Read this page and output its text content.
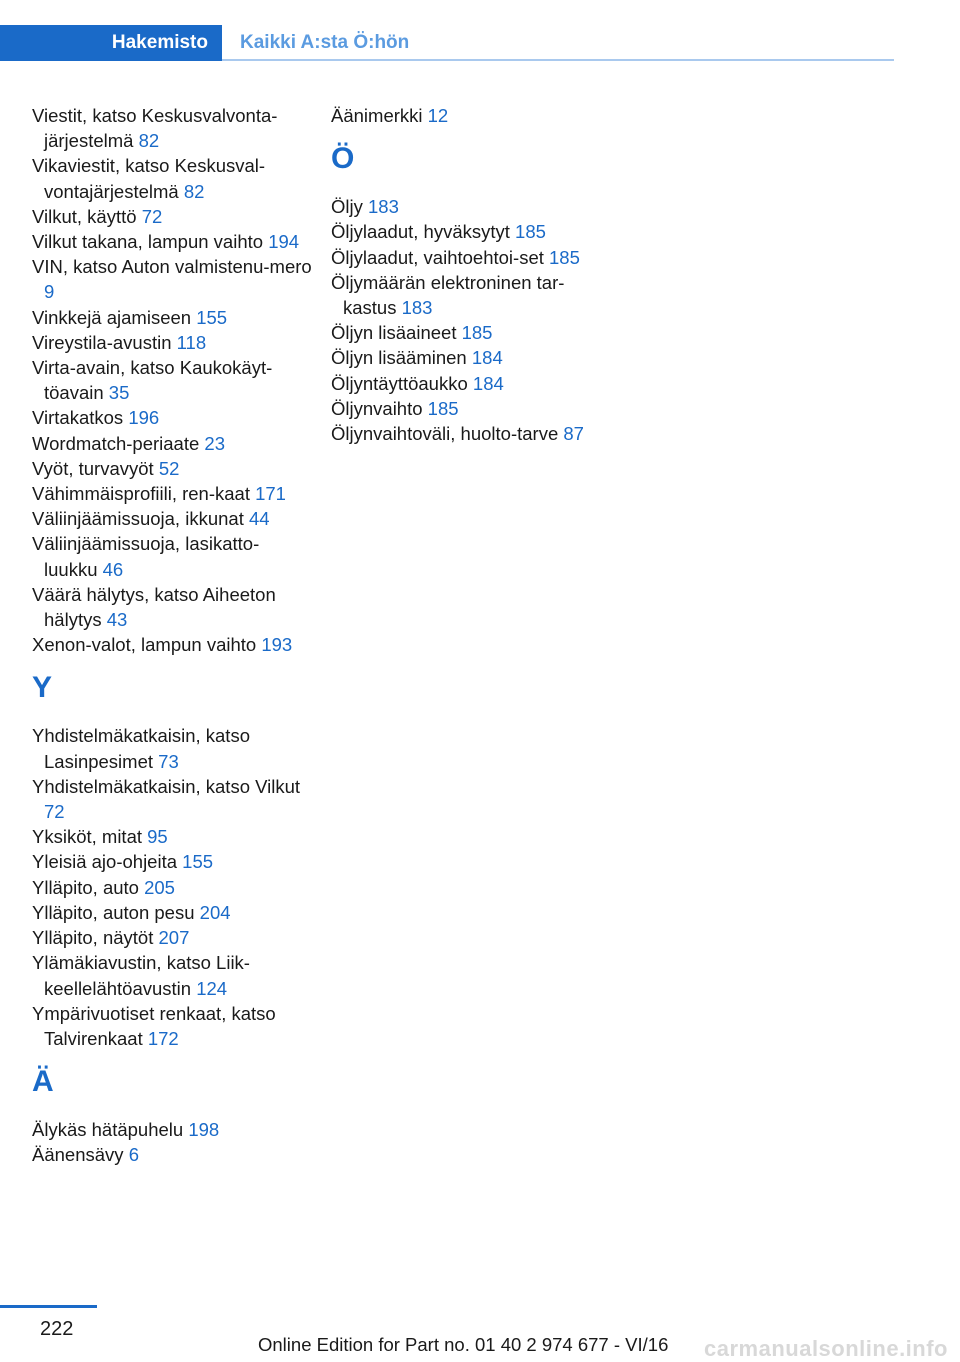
Hakemisto	Kaikki A:sta Ö:hön
Viestit, katso Keskusvalvonta-järjestelmä 82
Vikaviestit, katso Keskusval-vontajärjestelmä 82
Vilkut, käyttö 72
Vilkut takana, lampun vaihto 194
VIN, katso Auton valmistenu-mero 9
Vinkkejä ajamiseen 155
Vireystila-avustin 118
Virta-avain, katso Kaukokäyt-töavain 35
Virtakatkos 196
Wordmatch-periaate 23
Vyöt, turvavyöt 52
Vähimmäisprofiili, ren-kaat 171
Väliinjäämissuoja, ikkunat 44
Väliinjäämissuoja, lasikatto-luukku 46
Väärä hälytys, katso Aiheeton hälytys 43
Xenon-valot, lampun vaihto 193
Y
Yhdistelmäkatkaisin, katso Lasinpesimet 73
Yhdistelmäkatkaisin, katso Vilkut 72
Yksiköt, mitat 95
Yleisiä ajo-ohjeita 155
Ylläpito, auto 205
Ylläpito, auton pesu 204
Ylläpito, näytöt 207
Ylämäkiavustin, katso Liik-keellelähtöavustin 124
Ympärivuotiset renkaat, katso Talvirenkaat 172
Ä
Älykäs hätäpuhelu 198
Äänensävy 6
Äänimerkki 12
Ö
Öljy 183
Öljylaadut, hyväksytyt 185
Öljylaadut, vaihtoehtoi-set 185
Öljymäärän elektroninen tar-kastus 183
Öljyn lisäaineet 185
Öljyn lisääminen 184
Öljyntäyttöaukko 184
Öljynvaihto 185
Öljynvaihtoväli, huolto-tarve 87
222
Online Edition for Part no. 01 40 2 974 677 - VI/16 carmanualsonline.info
